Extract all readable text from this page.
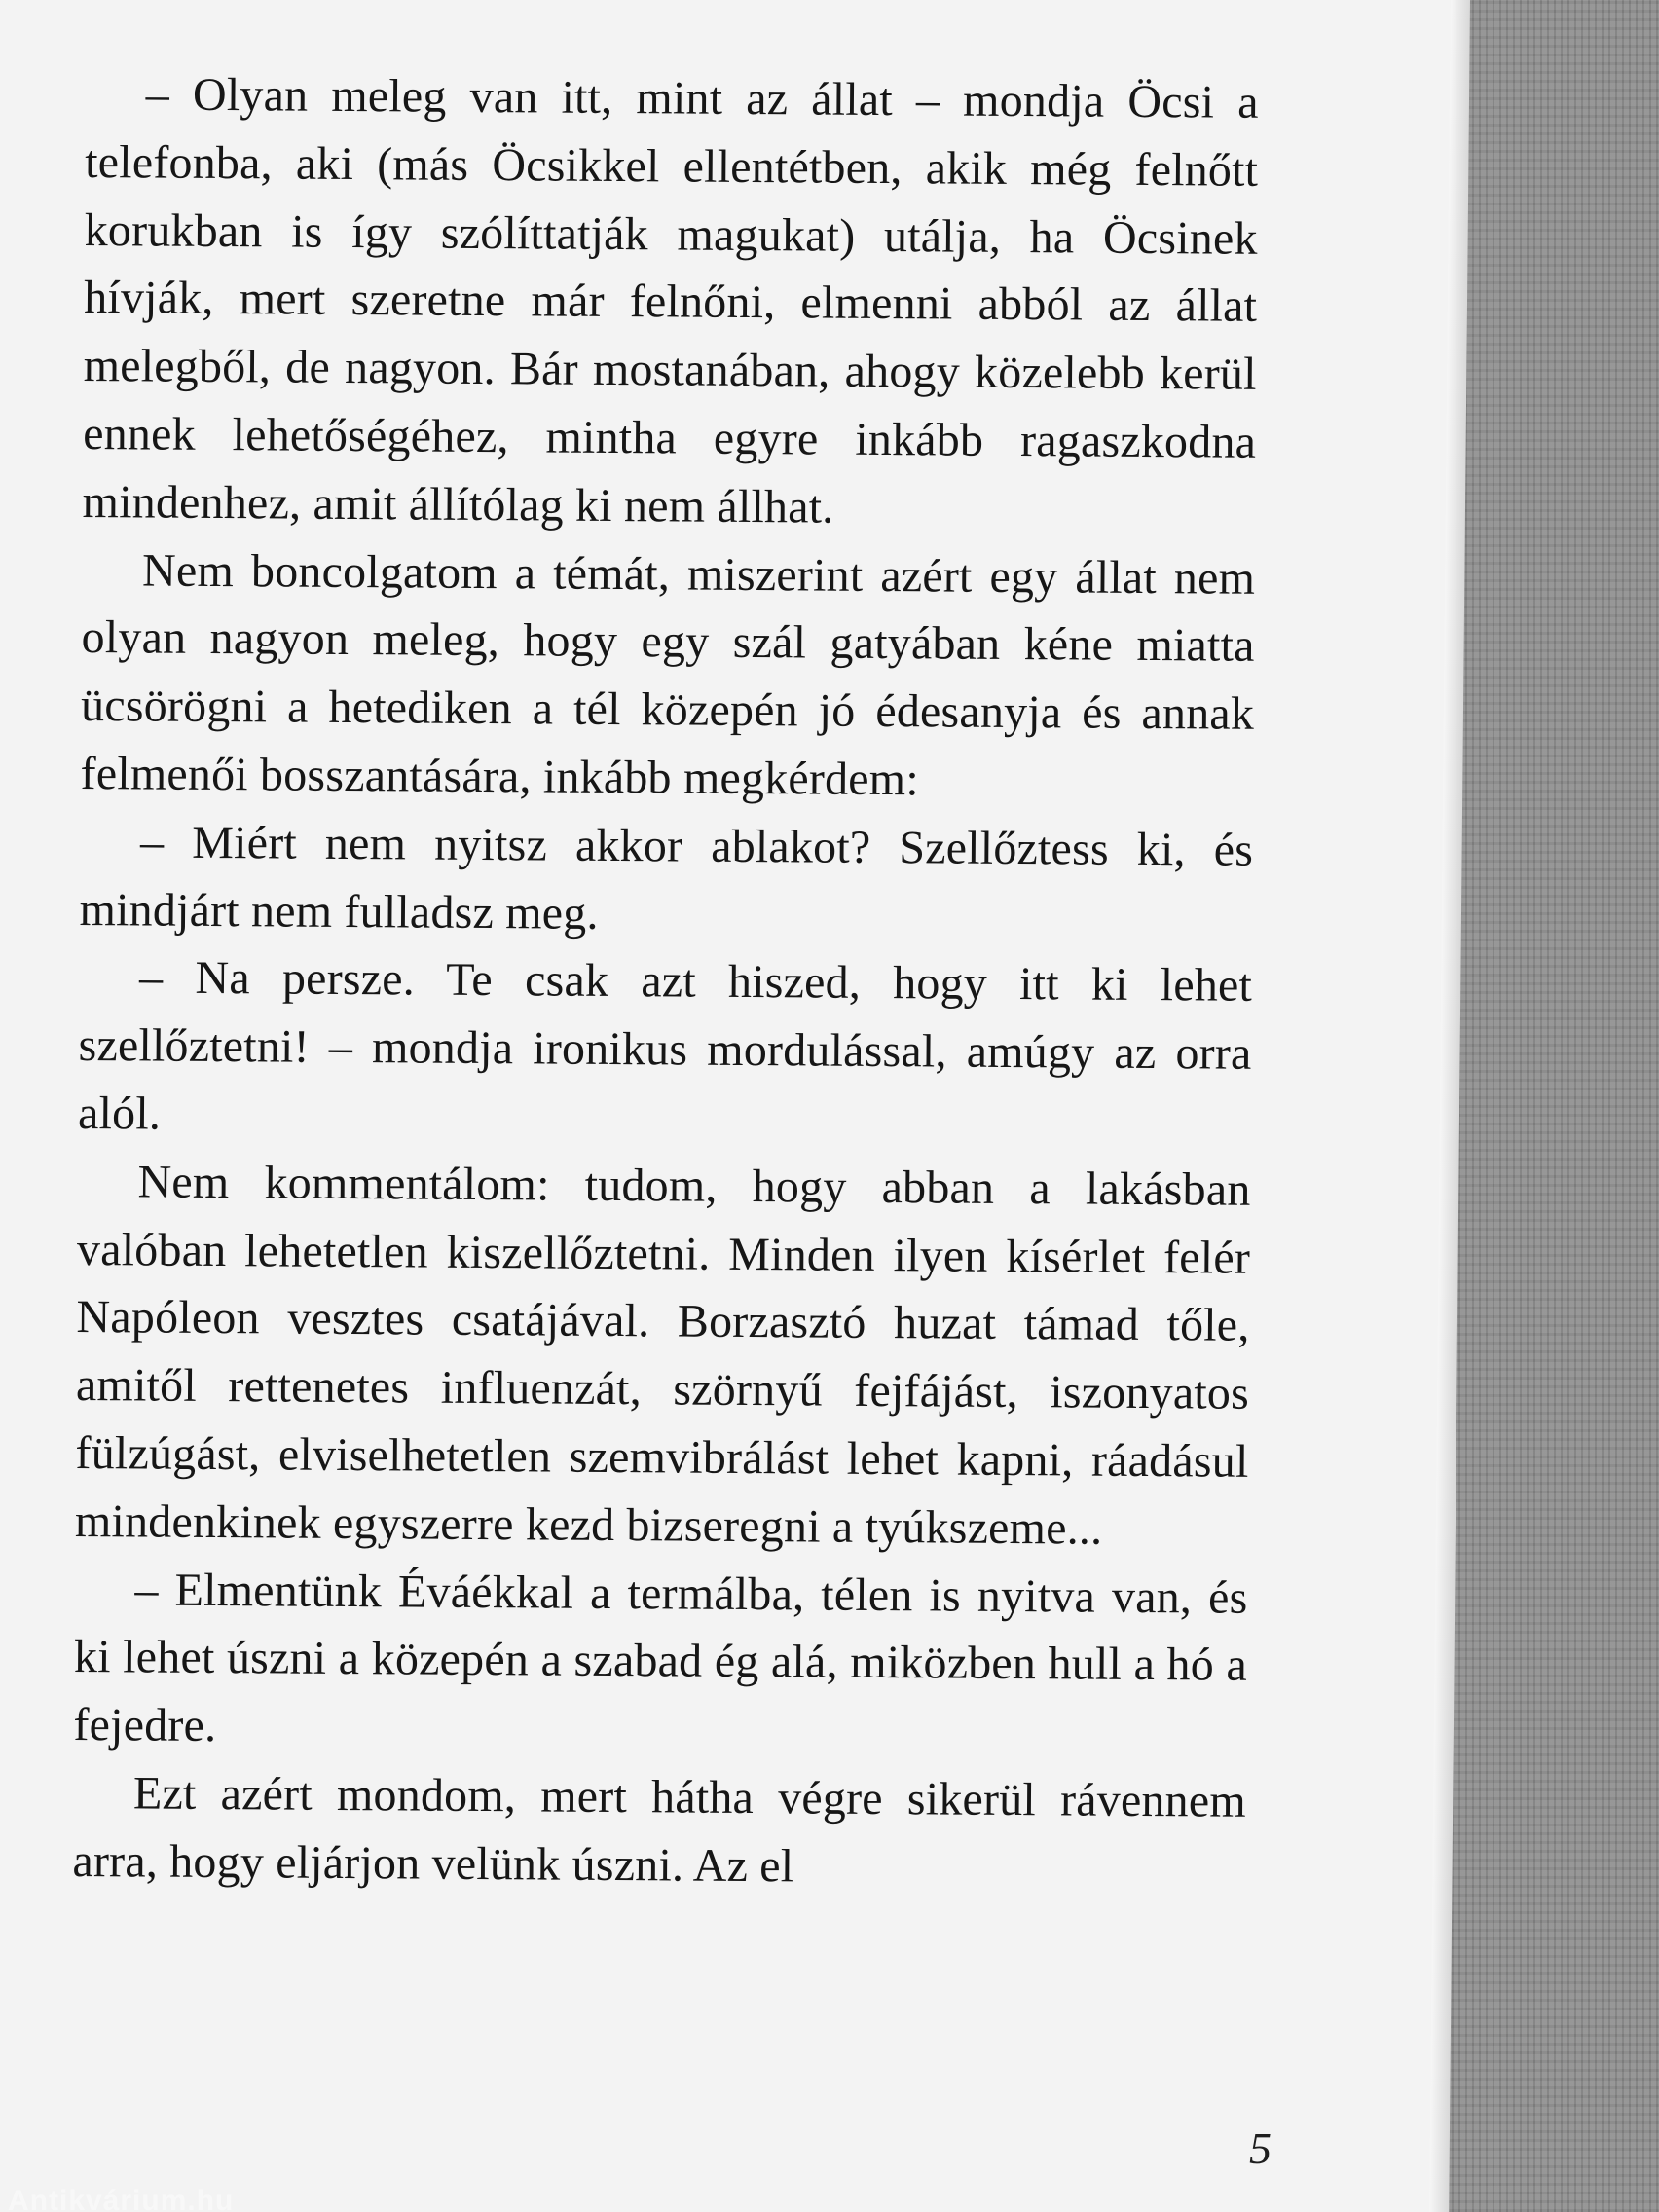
– Olyan meleg van itt, mint az állat – mondja Öcsi a telefonba, aki (más Öcsikkel ellentétben, akik még felnőtt korukban is így szólíttatják magukat) utálja, ha Öcsinek hívják, mert szeretne már felnőni, elmenni abból az állat melegből, de nagyon. Bár mostanában, ahogy közelebb kerül ennek lehetőségéhez, mintha egyre inkább ragaszkodna mindenhez, amit állítólag ki nem állhat.

Nem boncolgatom a témát, miszerint azért egy állat nem olyan nagyon meleg, hogy egy szál gatyában kéne miatta ücsörögni a hetediken a tél közepén jó édesanyja és annak felmenői bosszantására, inkább megkérdem:

– Miért nem nyitsz akkor ablakot? Szellőztess ki, és mindjárt nem fulladsz meg.

– Na persze. Te csak azt hiszed, hogy itt ki lehet szellőztetni! – mondja ironikus mordulással, amúgy az orra alól.

Nem kommentálom: tudom, hogy abban a lakásban valóban lehetetlen kiszellőztetni. Minden ilyen kísérlet felér Napóleon vesztes csatájával. Borzasztó huzat támad tőle, amitől rettenetes influenzát, szörnyű fejfájást, iszonyatos fülzúgást, elviselhetetlen szemvibrálást lehet kapni, ráadásul mindenkinek egyszerre kezd bizseregni a tyúkszeme...

– Elmentünk Éváékkal a termálba, télen is nyitva van, és ki lehet úszni a közepén a szabad ég alá, miközben hull a hó a fejedre.

Ezt azért mondom, mert hátha végre sikerül rávennem arra, hogy eljárjon velünk úszni. Az el

5
Antikvárium.hu
